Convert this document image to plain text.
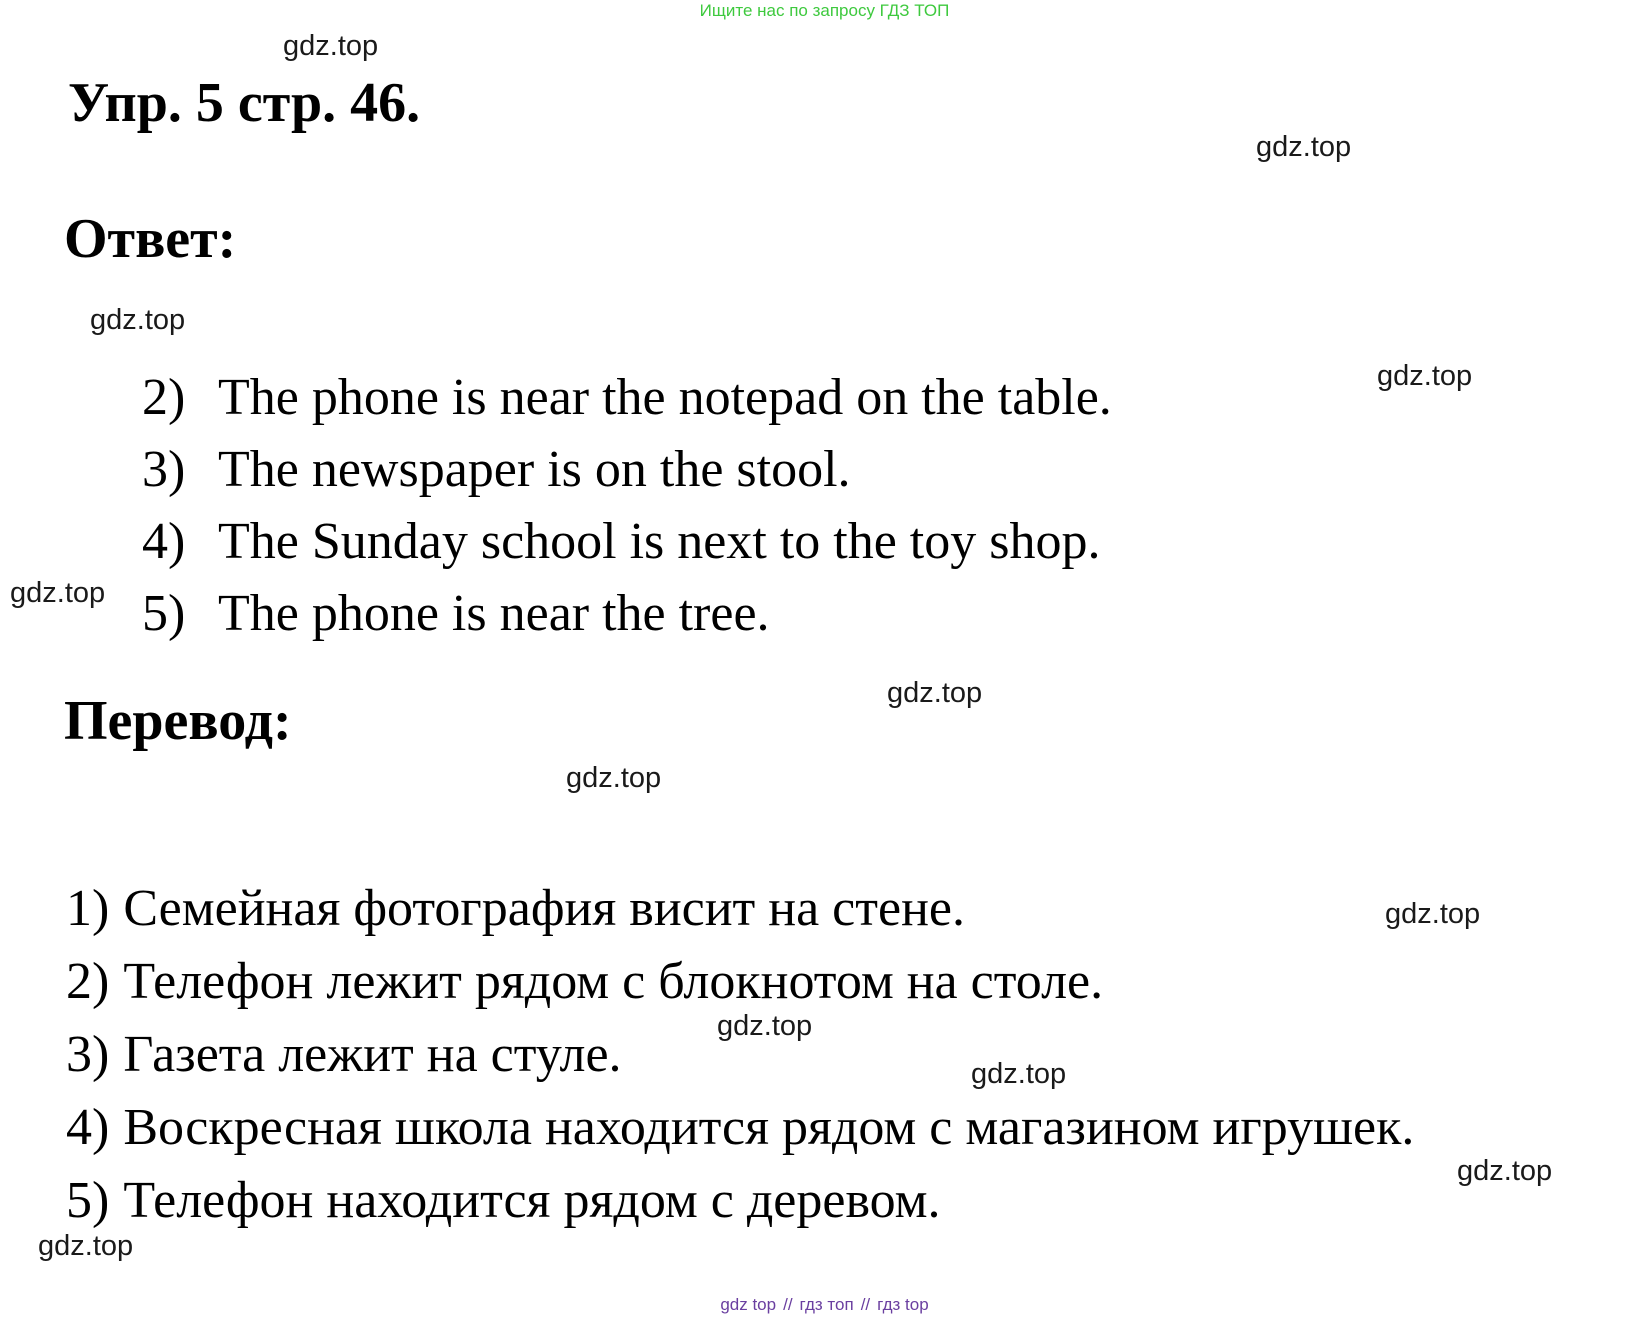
Ищите нас по запросу ГДЗ ТОП
Упр. 5 стр. 46.
Ответ:
2) The phone is near the notepad on the table.
3) The newspaper is on the stool.
4) The Sunday school is next to the toy shop.
5) The phone is near the tree.
Перевод:
1) Семейная фотография висит на стене.
2) Телефон лежит рядом с блокнотом на столе.
3) Газета лежит на стуле.
4) Воскресная школа находится рядом с магазином игрушек.
5) Телефон находится рядом с деревом.
gdz.top
gdz.top
gdz.top
gdz.top
gdz.top
gdz.top
gdz.top
gdz.top
gdz.top
gdz.top
gdz.top
gdz.top
gdz top // гдз топ // гдз top
